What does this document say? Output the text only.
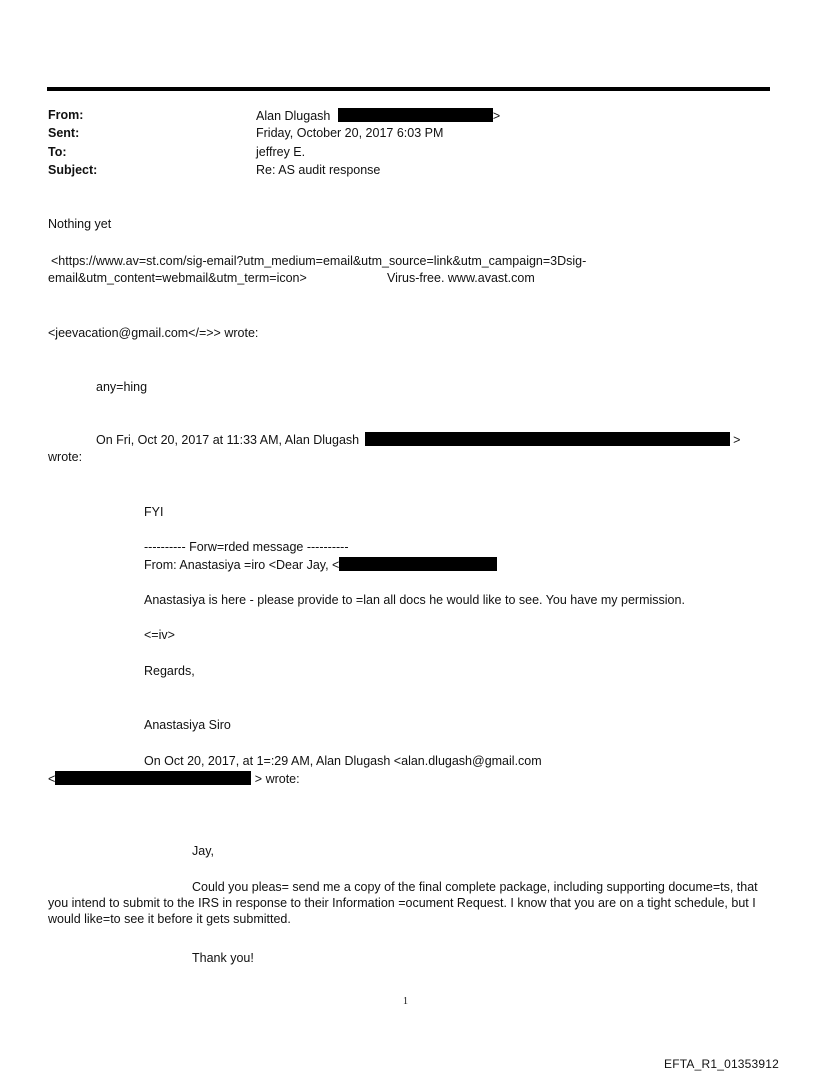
From:	Alan Dlugash	>
Sent:	Friday, October 20, 2017 6:03 PM
To:	jeffrey E.
Subject:	Re: AS audit response
Nothing yet
<https://www.av=st.com/sig-email?utm_medium=email&utm_source=link&utm_campaign=3Dsig-
email&utm_content=webmail&utm_term=icon>	Virus-free. www.avast.com
<jeevacation@gmail.com</=>> wrote:
any=hing
On Fri, Oct 20, 2017 at 11:33 AM, Alan Dlugash	>
wrote:
FYI
---------- Forw=rded message ----------
From: Anastasiya =iro <Dear Jay, <
Anastasiya is here - please provide to =lan all docs he would like to see. You have my permission.
<=iv>
Regards,
Anastasiya Siro
On Oct 20, 2017, at 1=:29 AM, Alan Dlugash <alan.dlugash@gmail.com
<	> wrote:
Jay,
Could you pleas= send me a copy of the final complete package, including supporting docume=ts, that you intend to submit to the IRS in response to their Information =ocument Request. I know that you are on a tight schedule, but I would like=to see it before it gets submitted.
Thank you!
1
EFTA_R1_01353912
